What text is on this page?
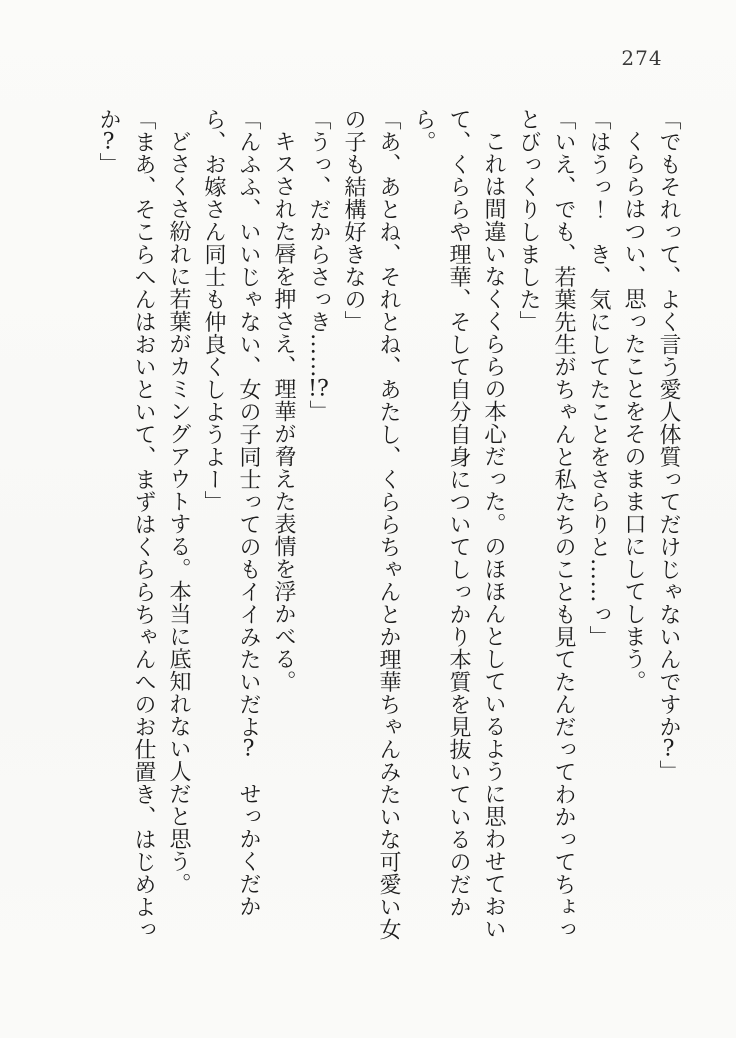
274

「でもそれって、よく言う愛人体質ってだけじゃないんですか?」

くららはつい、思ったことをそのまま口にしてしまう。

「はうっ！　き、気にしてたことをさらりと……っ」

「いえ、でも、若葉先生がちゃんと私たちのことも見てたんだってわかってちょっとびっくりしました」

これは間違いなくくららの本心だった。のほほんとしているように思わせておいて、くららや理華、そして自分自身についてしっかり本質を見抜いているのだから。

「あ、あとね、それとね、あたし、くららちゃんとか理華ちゃんみたいな可愛い女の子も結構好きなの」

「うっ、だからさっき……!?」

キスされた唇を押さえ、理華が脅えた表情を浮かべる。

「んふふ、いいじゃない、女の子同士ってのもイイみたいだよ?　せっかくだから、お嫁さん同士も仲良くしようよー」

どさくさ紛れに若葉がカミングアウトする。本当に底知れない人だと思う。

「まあ、そこらへんはおいといて、まずはくららちゃんへのお仕置き、はじめよっか?」
